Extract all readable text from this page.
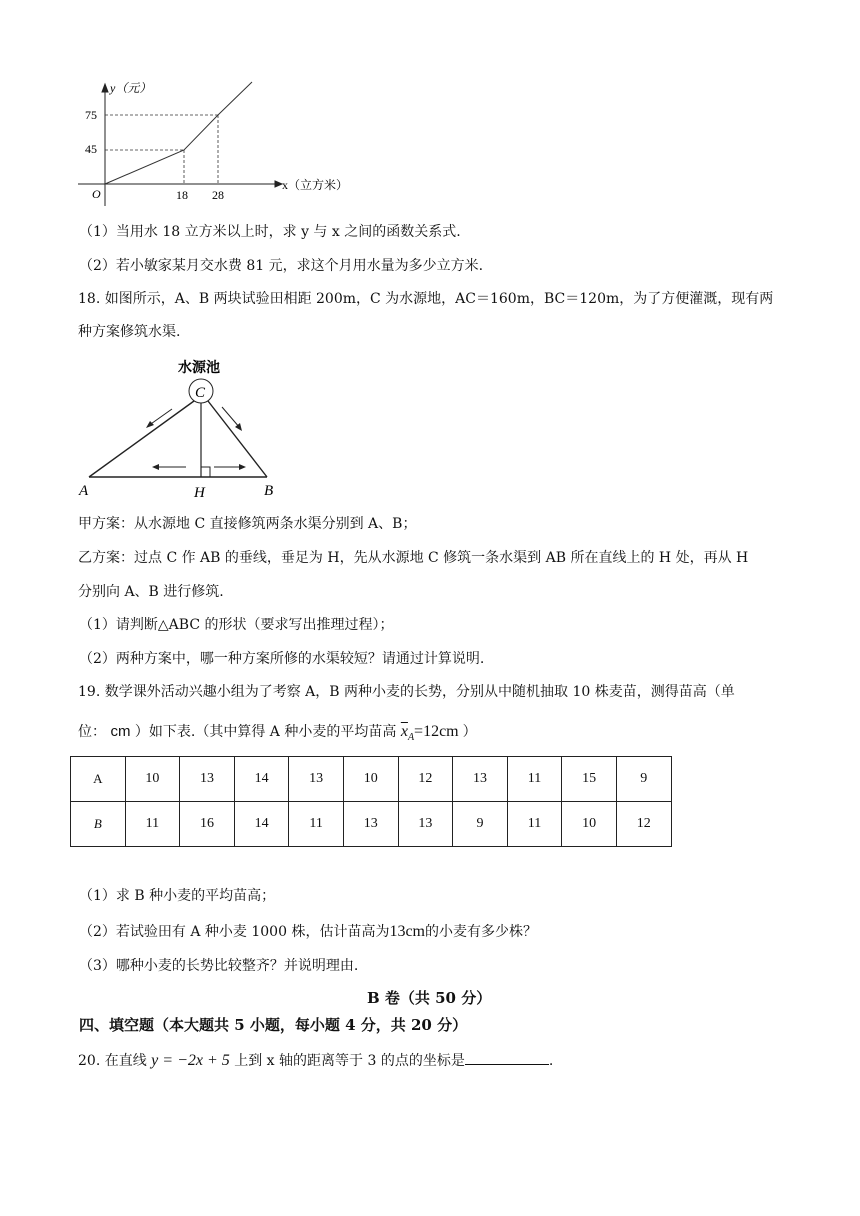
y（元）
x（立方米）
O
75
45
18 28
（1）当用水 18 立方米以上时，求 y 与 x 之间的函数关系式.
（2）若小敏家某月交水费 81 元，求这个月用水量为多少立方米.
18. 如图所示，A、B 两块试验田相距 200m，C 为水源地，AC＝160m，BC＝120m，为了方便灌溉，现有两
种方案修筑水渠.
水源池
C
A	H	B
甲方案：从水源地 C 直接修筑两条水渠分别到 A、B；
乙方案：过点 C 作 AB 的垂线，垂足为 H，先从水源地 C 修筑一条水渠到 AB 所在直线上的 H 处，再从 H
分别向 A、B 进行修筑.
（1）请判断△ABC 的形状（要求写出推理过程）；
（2）两种方案中，哪一种方案所修的水渠较短？请通过计算说明.
19. 数学课外活动兴趣小组为了考察 A，B 两种小麦的长势，分别从中随机抽取 10 株麦苗，测得苗高（单
位： cm ）如下表.（其中算得 A 种小麦的平均苗高 $\overline{x}_A=12cm$ ）
A	10	13	14	13	10	12	13	11	15	9
B	11	16	14	11	13	13	9	11	10	12
（1）求 B 种小麦的平均苗高；
（2）若试验田有 A 种小麦 1000 株，估计苗高为13cm的小麦有多少株？
（3）哪种小麦的长势比较整齐？并说明理由.
B 卷（共 50 分）
四、填空题（本大题共 5 小题，每小题 4 分，共 20 分）
20. 在直线 y = −2x + 5 上到 x 轴的距离等于 3 的点的坐标是	.
